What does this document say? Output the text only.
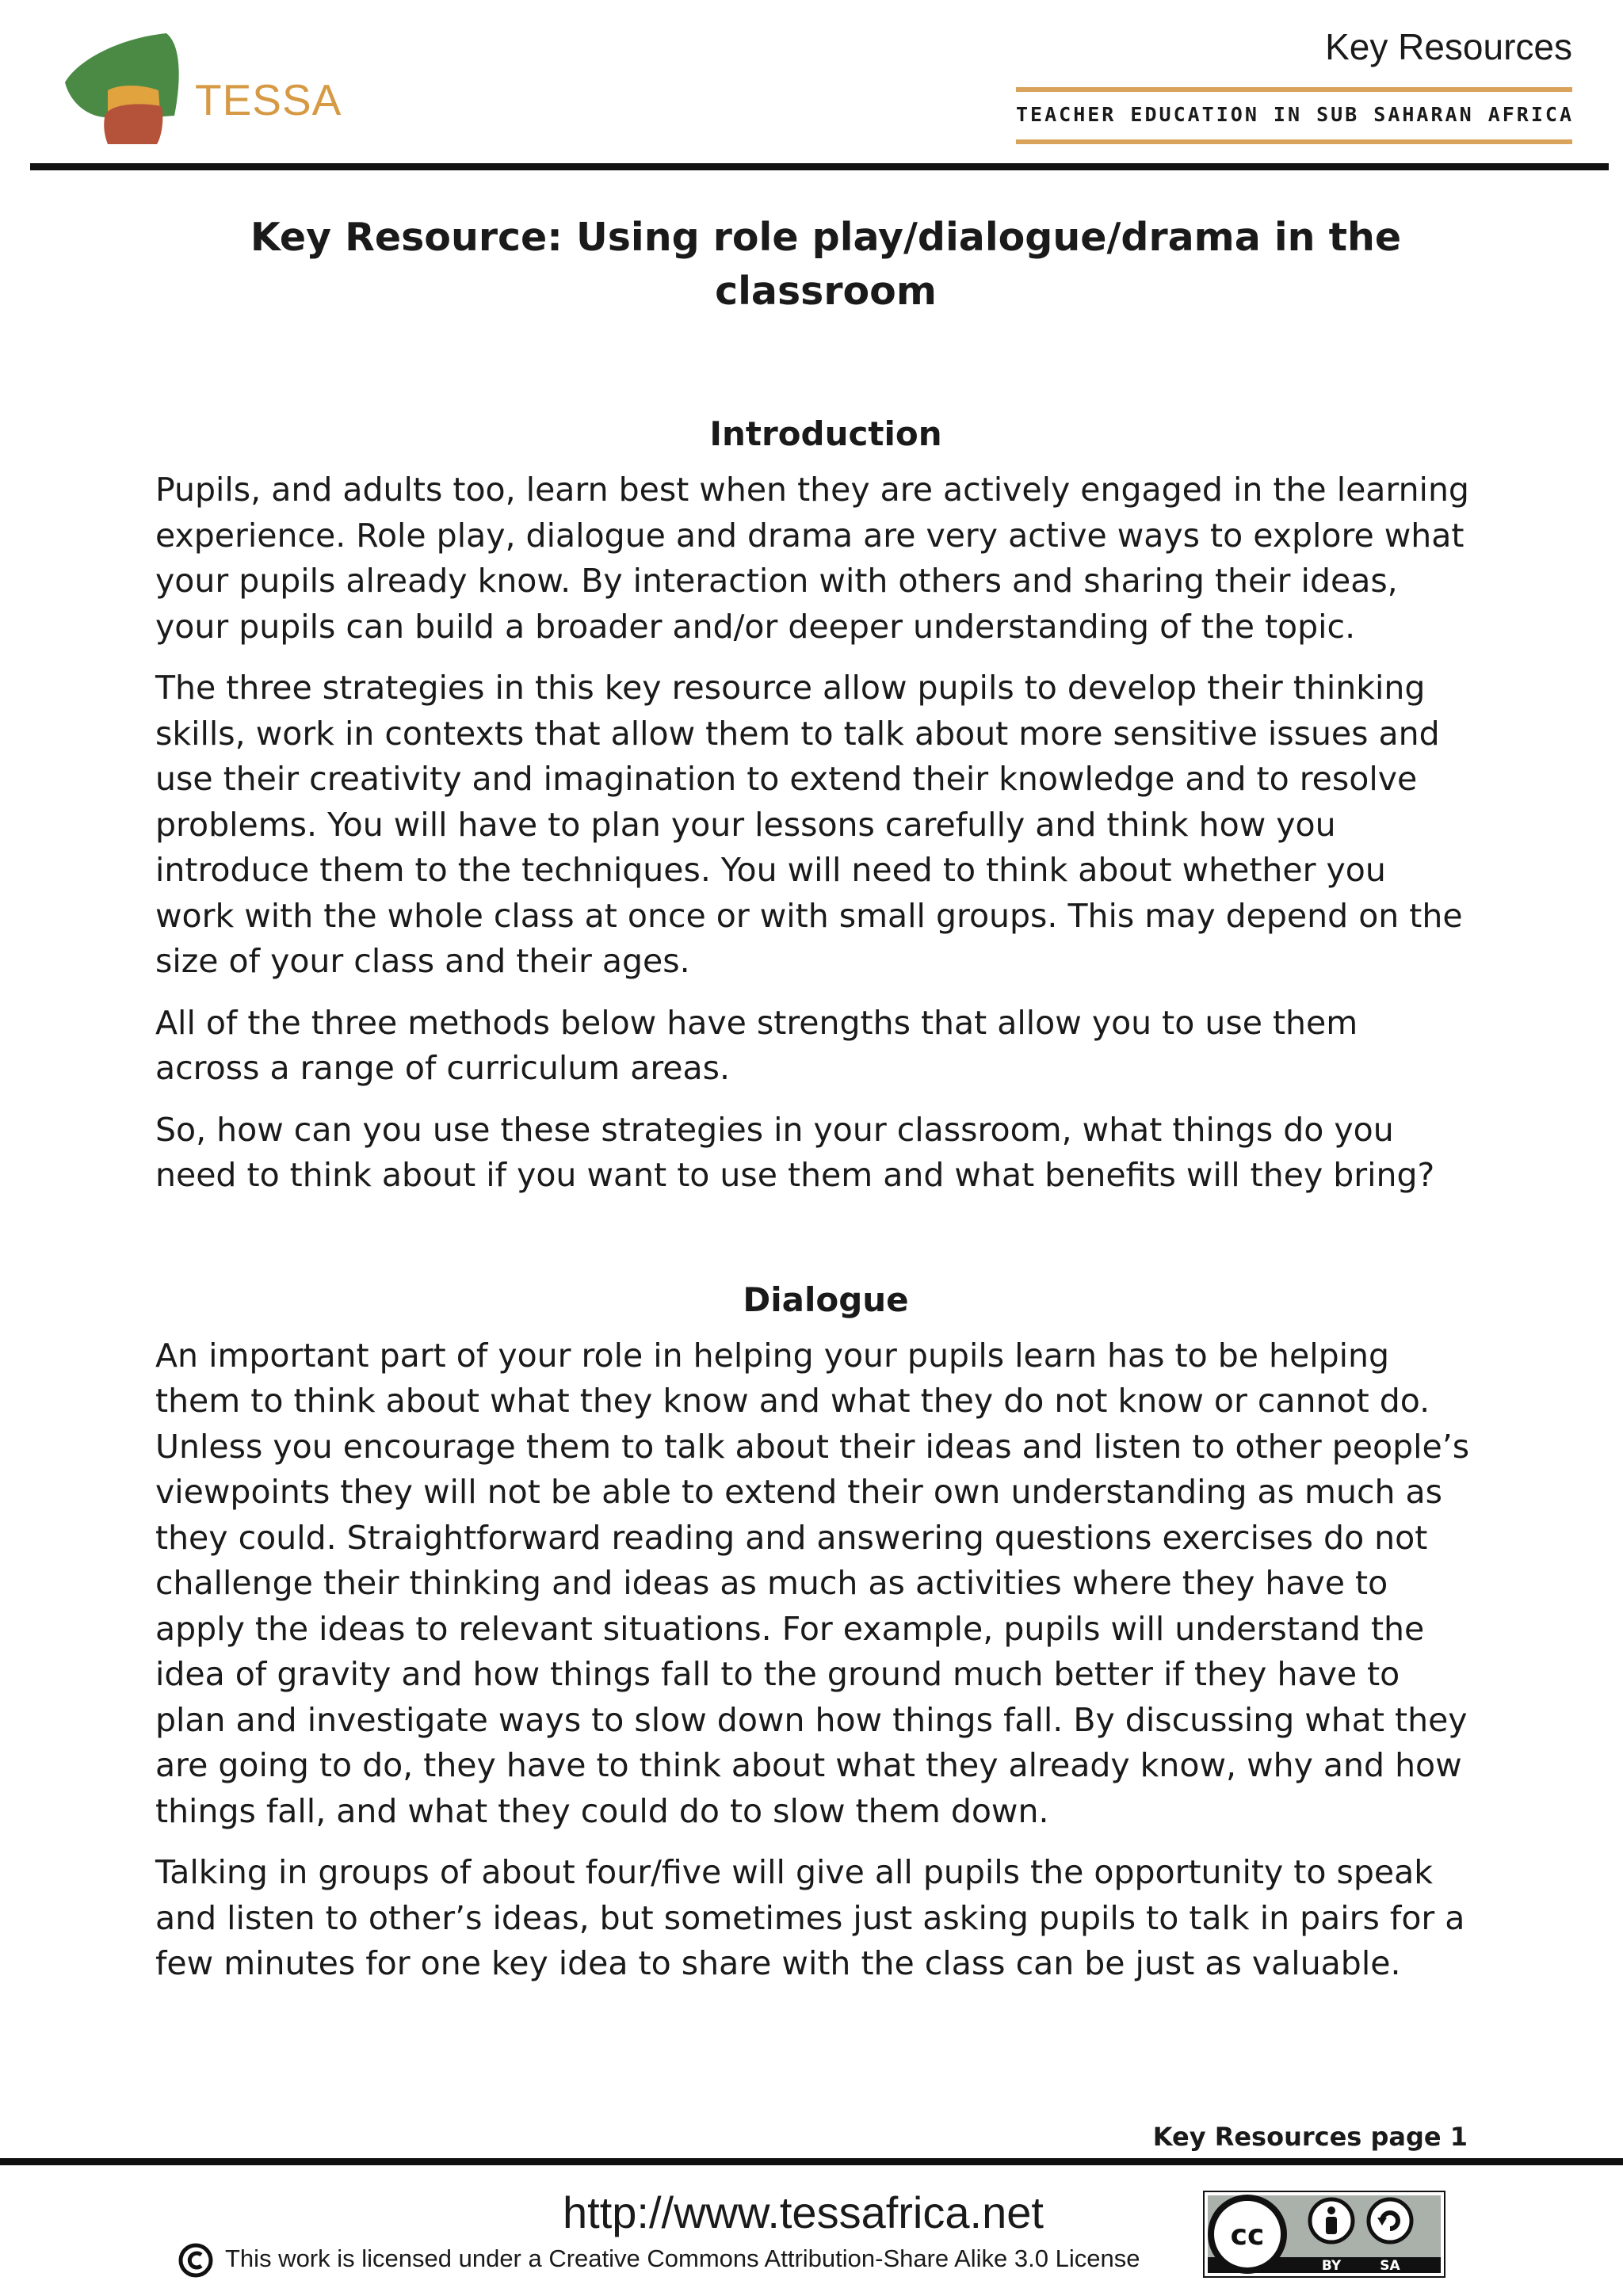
TESSA
Key Resources
TEACHER EDUCATION IN SUB SAHARAN AFRICA
Key Resource: Using role play/dialogue/drama in the
classroom
Introduction

Pupils, and adults too, learn best when they are actively engaged in the learning
experience. Role play, dialogue and drama are very active ways to explore what
your pupils already know. By interaction with others and sharing their ideas,
your pupils can build a broader and/or deeper understanding of the topic.

The three strategies in this key resource allow pupils to develop their thinking
skills, work in contexts that allow them to talk about more sensitive issues and
use their creativity and imagination to extend their knowledge and to resolve
problems. You will have to plan your lessons carefully and think how you
introduce them to the techniques. You will need to think about whether you
work with the whole class at once or with small groups. This may depend on the
size of your class and their ages.

All of the three methods below have strengths that allow you to use them
across a range of curriculum areas.

So, how can you use these strategies in your classroom, what things do you
need to think about if you want to use them and what benefits will they bring?

Dialogue

An important part of your role in helping your pupils learn has to be helping
them to think about what they know and what they do not know or cannot do.
Unless you encourage them to talk about their ideas and listen to other people’s
viewpoints they will not be able to extend their own understanding as much as
they could. Straightforward reading and answering questions exercises do not
challenge their thinking and ideas as much as activities where they have to
apply the ideas to relevant situations. For example, pupils will understand the
idea of gravity and how things fall to the ground much better if they have to
plan and investigate ways to slow down how things fall. By discussing what they
are going to do, they have to think about what they already know, why and how
things fall, and what they could do to slow them down.

Talking in groups of about four/five will give all pupils the opportunity to speak
and listen to other’s ideas, but sometimes just asking pupils to talk in pairs for a
few minutes for one key idea to share with the class can be just as valuable.

Key Resources page 1
http://www.tessafrica.net
This work is licensed under a Creative Commons Attribution-Share Alike 3.0 License
cc
BY	SA
